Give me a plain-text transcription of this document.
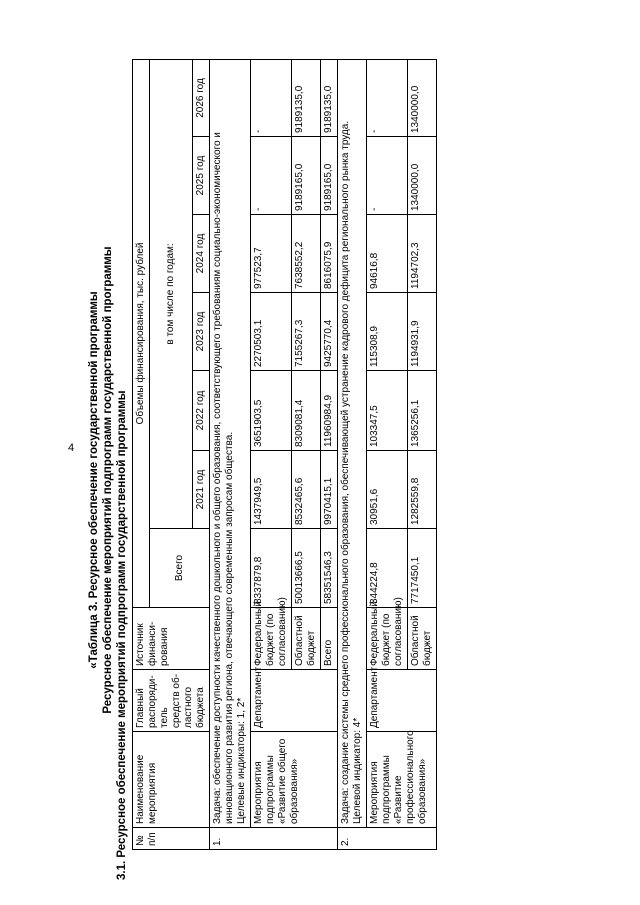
4 «Таблица 3. Ресурсное обеспечение государственной программы Ресурсное обеспечение мероприятий подпрограмм государственной программы 3.1. Ресурсное обеспечение мероприятий подпрограмм государственной программы № п/п	Наименование мероприятия	Главный распоряди-тель средств об-ластного бюджета	Источник финанси-рования	Объемы финансирования, тыс. рублей						
				Всего	в том числе по годам:					
					2021 год	2022 год	2023 год	2024 год	2025 год	2026 год
1.	Задача: обеспечение доступности качественного дошкольного и общего образования, соответствующего требованиям социально-экономического и инновационного развития региона, отвечающего современным запросам общества.
Целевые индикаторы: 1, 2*									
	Мероприятия подпрограммы «Развитие общего образования»	Департамент	Федеральный бюджет (по согласованию)	8337879,8	1437949,5	3651903,5	2270503,1	977523,7	-	-
			Областной бюджет	50013666,5	8532465,6	8309081,4	7155267,3	7638552,2	9189165,0	9189135,0
			Всего	58351546,3	9970415,1	11960984,9	9425770,4	8616075,9	9189165,0	9189135,0
2.	Задача: создание системы среднего профессионального образования, обеспечивающей устранение кадрового дефицита регионального рынка труда.
Целевой индикатор: 4*									
	Мероприятия подпрограммы «Развитие профессионального образования»	Департамент	Федеральный бюджет (по согласованию)	344224,8	30951,6	103347,5	115308,9	94616,8	-	-
			Областной бюджет	7717450,1	1282559,8	1365256,1	1194931,9	1194702,3	1340000,0	1340000,0
